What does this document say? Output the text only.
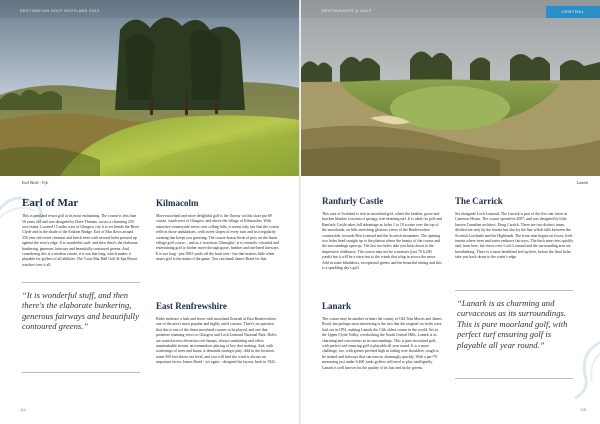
DESTINATION GOLF SCOTLAND 2024
Earl Beith - Fife
Earl of Mar

This is parkland resort golf at its most enchanting. The course is less than 10 years old and was designed by Dave Thomas, across a charming 250 acre estate. Located 15 miles west of Glasgow city it is set beside the River Clyde and in the shade of the Erskine Bridge. Earl of Mar flows around 250 year old sweet chestnut and beech trees with several holes pressed up against the river's edge. It is wonderful stuff, and then there's the elaborate bunkering, generous fairways and beautifully contoured greens. And, considering this is a modern course, it is not that long, which makes it playable for golfers of all abilities. The 5 star Mar Hall Golf & Spa Resort watches over it all.

Kilmacolm

More moorland and more delightful golf is the flavour on this short par 69 course, south-west of Glasgow, and above the village of Kilmacolm. With attractive countryside views over rolling hills, it seems only fair that the course reflects those undulations, with sweet slopes of every turn and its irregularity creating that keeps you guessing. The course boasts birds of prey on the finest village golf course... and as a 'notorious Glenoglin', it is certainly colourful and entertaining golf to bother move through gorse, heather and run-lined fairways. It is not long - just 5961 yards off the back tees - but that matters little when smart golf is the name of the game. You can thank James Braid for that.

East Renfrewshire

Rides embrace a lush and brave with moorland flourish at East Renfrewshire, one of the area's most popular and highly rated courses. There's no question that this is one of the finest moorland courses to be played, and one that promises stunning views to Glasgow and Loch Lomond National Park. Holes are routed across elevation over bumps, always undulating and offers unmistakable terrain, an tremendous placing of key shot making. And, with scatterings of trees and burns, it demands strategic play. Add in the location, some 500 feet above sea level, and you will find the wind is always an important factor. James Braid - yet again - designed the layout, back in 1922.

“It is wonderful stuff, and then there's the elaborate bunkering, generous fairways and beautifully contoured greens.”
114
RESTAURANTS & GOLF	CENTRAL
Lanark
Ranfurly Castle

This area of Scotland is rich in moorland golf, where the heather, gorse and bracken blanket a terrain of springy, free-draining turf. It is ideal for golf and Ranfurly Castle takes full advantage as holes 1 to 18 scatter over the top of the moorlands, on hills stretching glorious views of the Renfrewshire countryside, towards Ben Lomond and the Scottish mountains. The opening two holes head straight up to the plateau where the beauty of the course and the surroundings open up. The last two holes take you back down to the impressive clubhouse. The course may not be a monster (just 70 6,200 yards) but it will be a stern test to the winds that whip in across the moor. Add in some blindshots, exceptional greens and the beautiful setting and this is a sparkling day's golf.

The Carrick

Set alongside Loch Lomond, The Carrick is part of the five star resort at Cameron House. The course opened in 2007, and was designed by little known Canadian architect, Doug Carrick. There are two distinct nines, divided not only by the terrain but also by the line which falls between the Scottish Lowlands and the Highlands. The front nine begins on lower, level terrain where trees and water embrace fairways. The back nine rises quickly and, from here, the views over Loch Lomond and the surrounding area are breathtaking. There is a more heathland feel up here, before the final holes take you back down to the water's edge.

Lanark

The course may be another at heart the county of Old Tom Morris and James Braid, but perhaps most interesting is the fact that the original six holes were laid out in 1851, making Lanark the 13th oldest course in the world. Set in the Upper Clyde Valley, overlooking the South Central Hills, Lanark is as charming and curvaceous as its surroundings. This is pure moorland golf, with perfect turf ensuring golf is playable all year round. It is a more challenge, too, with greens perched high in fading over shoulders, rough to be treated and fairways that can narrow alarmingly quickly. With a par-70 measuring just under 6,400 yards golfers will need to play intelligently. Lanark is well known for the quality of its fast and tricky greens.

“Lanark is as charming and curvaceous as its surroundings. This is pure moorland golf, with perfect turf ensuring golf is playable all year round.”
115
